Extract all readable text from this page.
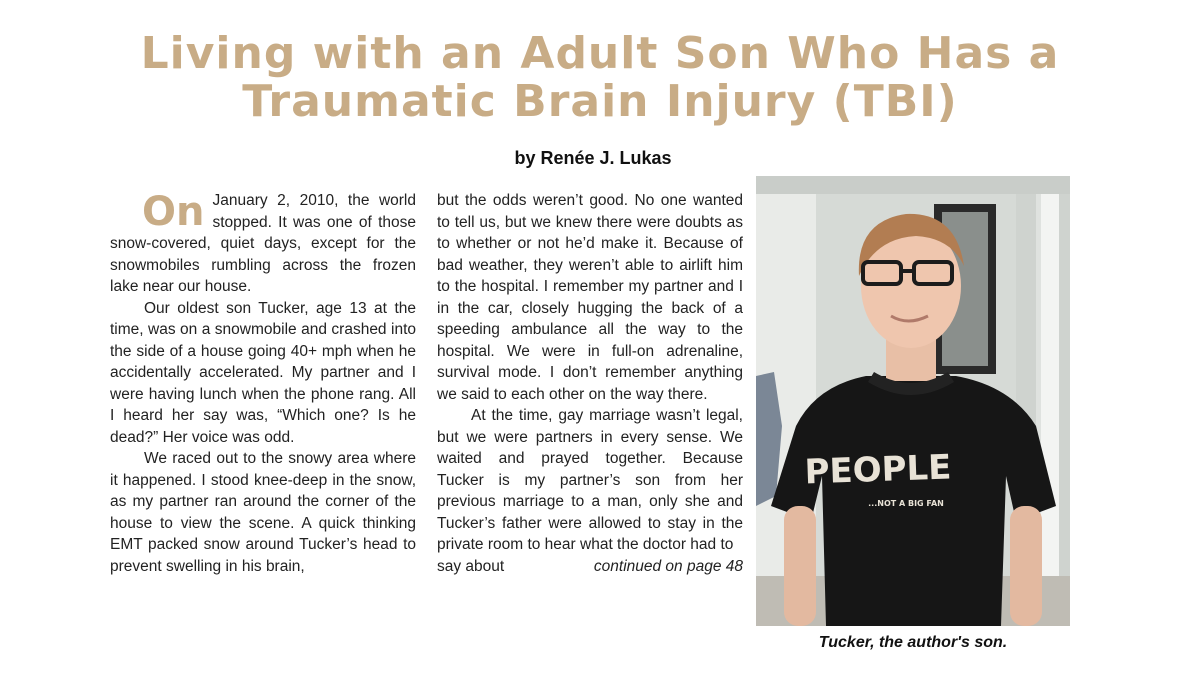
Living with an Adult Son Who Has a
Traumatic Brain Injury (TBI)
by Renée J. Lukas

On January 2, 2010, the world stopped. It was one of those snow-covered, quiet days, except for the snowmobiles rumbling across the frozen lake near our house.

Our oldest son Tucker, age 13 at the time, was on a snowmobile and crashed into the side of a house going 40+ mph when he accidentally accelerated. My partner and I were having lunch when the phone rang. All I heard her say was, “Which one? Is he dead?” Her voice was odd.

We raced out to the snowy area where it happened. I stood knee-deep in the snow, as my partner ran around the corner of the house to view the scene. A quick thinking EMT packed snow around Tucker’s head to prevent swelling in his brain,

but the odds weren’t good. No one wanted to tell us, but we knew there were doubts as to whether or not he’d make it. Because of bad weather, they weren’t able to airlift him to the hospital. I remember my partner and I in the car, closely hugging the back of a speeding ambulance all the way to the hospital. We were in full-on adrenaline, survival mode. I don’t remember anything we said to each other on the way there.

At the time, gay marriage wasn’t legal, but we were partners in every sense. We waited and prayed together. Because Tucker is my partner’s son from her previous marriage to a man, only she and Tucker’s father were allowed to stay in the private room to hear what the doctor had to

say about	continued on page 48

PEOPLE
...NOT A BIG FAN
Tucker, the author's son.
